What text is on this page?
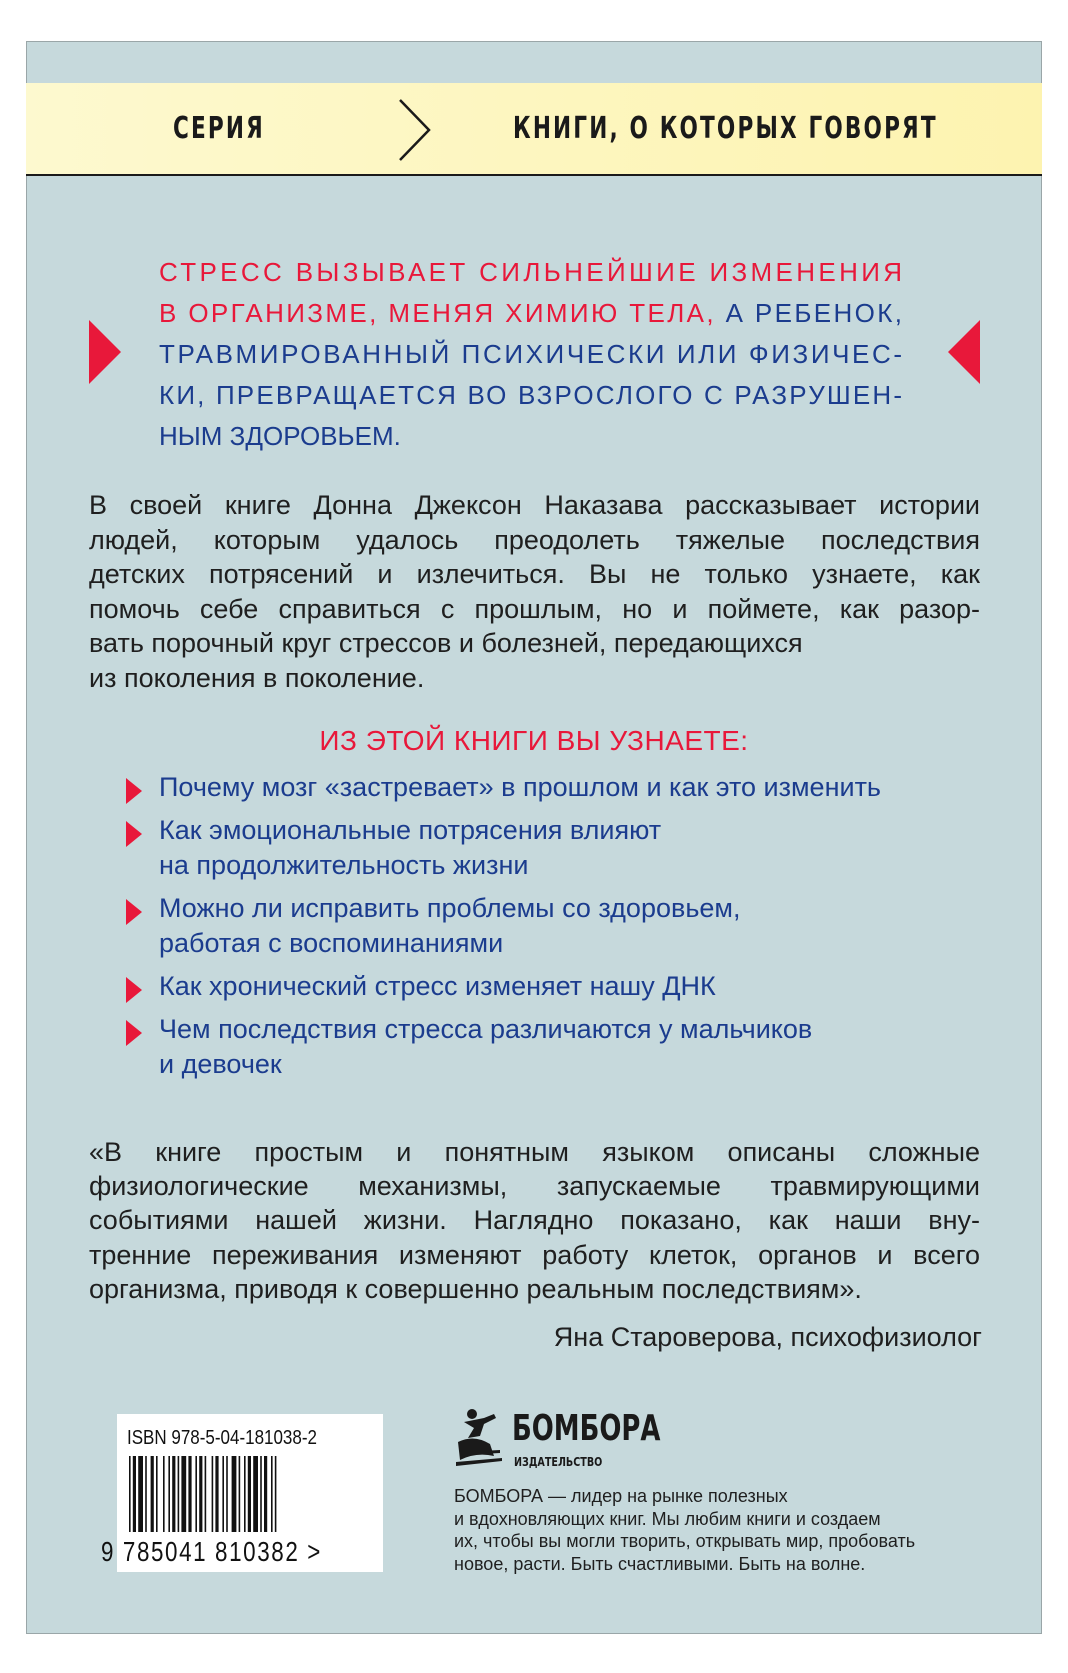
СЕРИЯ	КНИГИ, О КОТОРЫХ ГОВОРЯТ
СТРЕСС ВЫЗЫВАЕТ СИЛЬНЕЙШИЕ ИЗМЕНЕНИЯ
В ОРГАНИЗМЕ, МЕНЯЯ ХИМИЮ ТЕЛА, А РЕБЕНОК,
ТРАВМИРОВАННЫЙ ПСИХИЧЕСКИ ИЛИ ФИЗИЧЕС-
КИ, ПРЕВРАЩАЕТСЯ ВО ВЗРОСЛОГО С РАЗРУШЕН-
НЫМ ЗДОРОВЬЕМ.
В своей книге Донна Джексон Наказава рассказывает истории
людей, которым удалось преодолеть тяжелые последствия
детских потрясений и излечиться. Вы не только узнаете, как
помочь себе справиться с прошлым, но и поймете, как разор-
вать порочный круг стрессов и болезней, передающихся
из поколения в поколение.
ИЗ ЭТОЙ КНИГИ ВЫ УЗНАЕТЕ:
Почему мозг «застревает» в прошлом и как это изменить
Как эмоциональные потрясения влияют
на продолжительность жизни
Можно ли исправить проблемы со здоровьем,
работая с воспоминаниями
Как хронический стресс изменяет нашу ДНК
Чем последствия стресса различаются у мальчиков
и девочек
«В книге простым и понятным языком описаны сложные
физиологические механизмы, запускаемые травмирующими
событиями нашей жизни. Наглядно показано, как наши вну-
тренние переживания изменяют работу клеток, органов и всего
организма, приводя к совершенно реальным последствиям».
Яна Староверова, психофизиолог
ISBN 978-5-04-181038-2
9 785041 810382 >
БОМБОРА
ИЗДАТЕЛЬСТВО
БОМБОРА — лидер на рынке полезных
и вдохновляющих книг. Мы любим книги и создаем
их, чтобы вы могли творить, открывать мир, пробовать
новое, расти. Быть счастливыми. Быть на волне.
